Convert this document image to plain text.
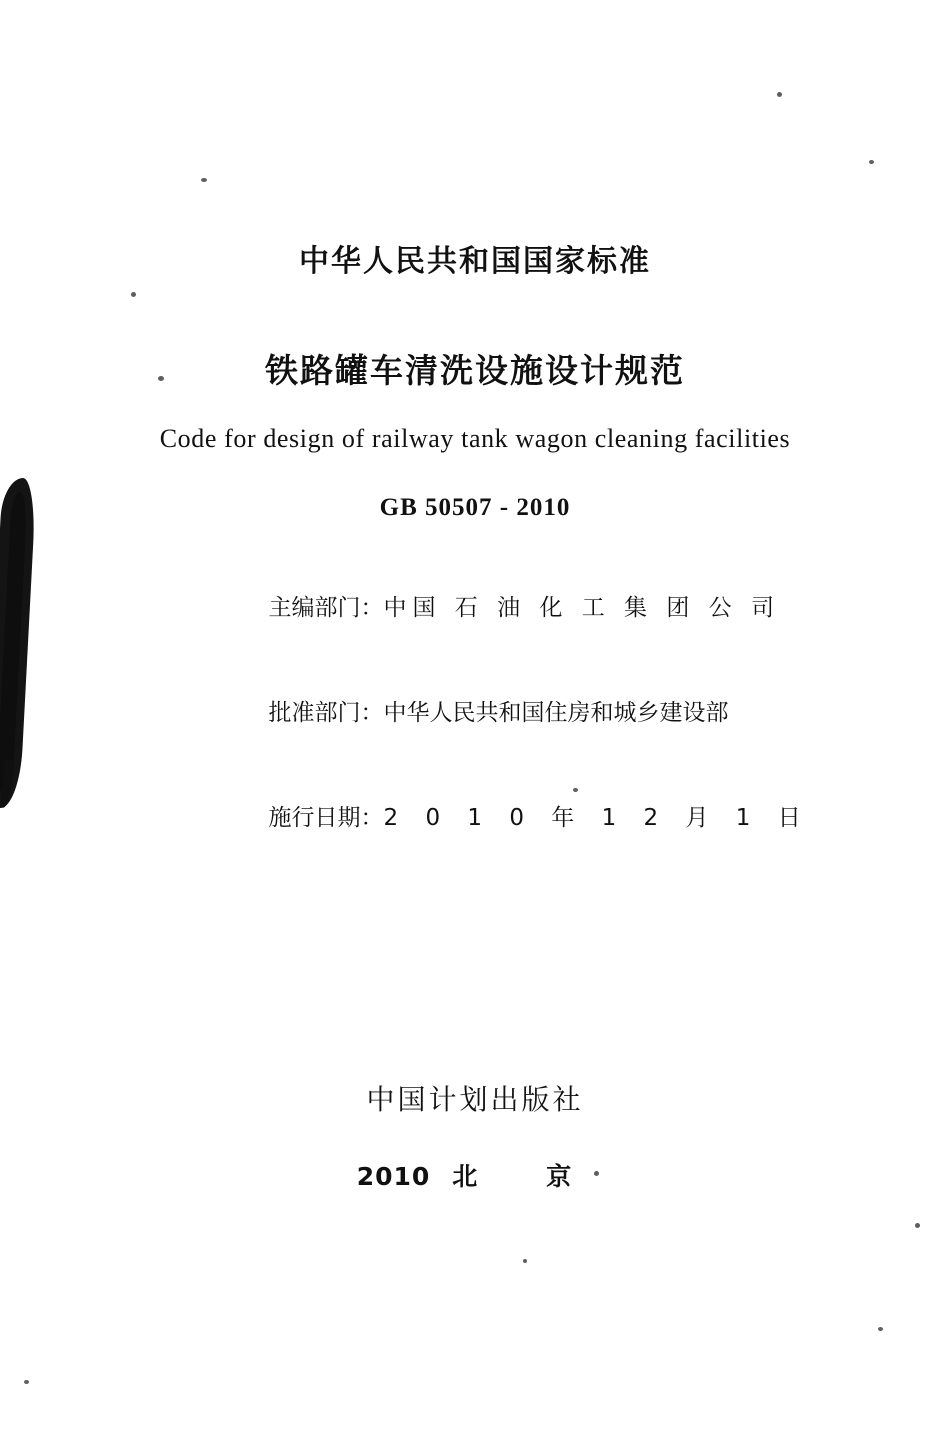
中华人民共和国国家标准
铁路罐车清洗设施设计规范
Code for design of railway tank wagon cleaning facilities
GB 50507 - 2010

主编部门：中国 石 油 化 工 集 团 公 司

批准部门：中华人民共和国住房和城乡建设部

施行日期：2 0 1 0 年 1 2 月 1 日

中国计划出版社
2010 北　京
